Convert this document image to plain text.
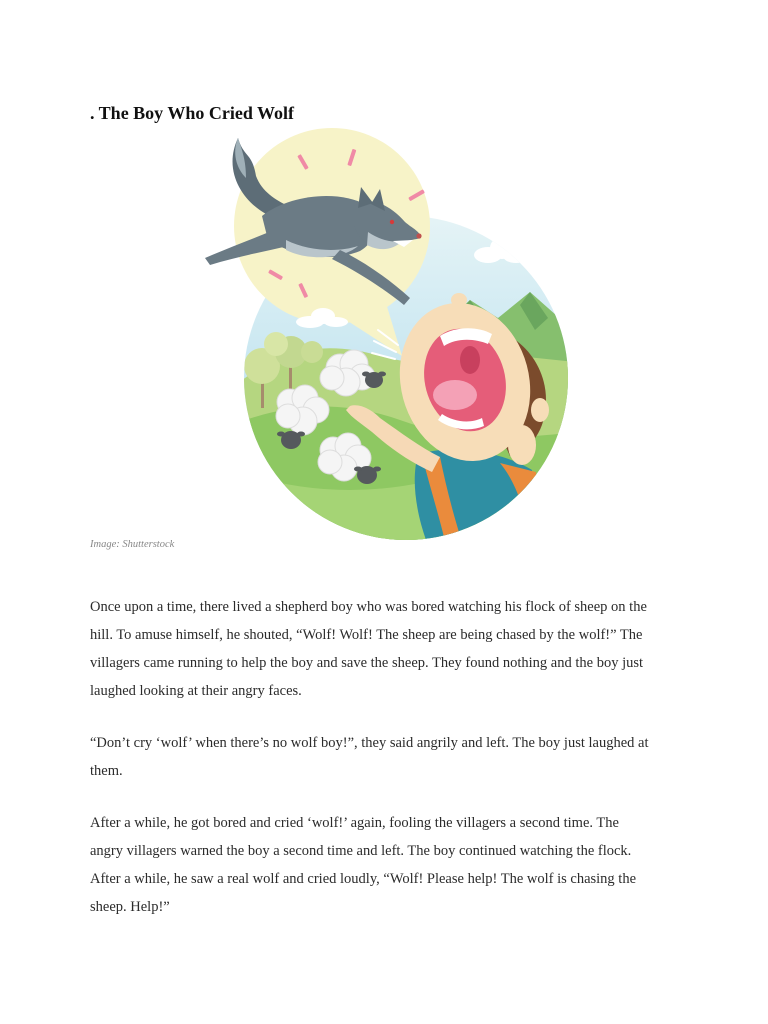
. The Boy Who Cried Wolf

Image: Shutterstock

Once upon a time, there lived a shepherd boy who was bored watching his flock of sheep on the
hill. To amuse himself, he shouted, “Wolf! Wolf! The sheep are being chased by the wolf!” The
villagers came running to help the boy and save the sheep. They found nothing and the boy just
laughed looking at their angry faces.

“Don’t cry ‘wolf’ when there’s no wolf boy!”, they said angrily and left. The boy just laughed at
them.

After a while, he got bored and cried ‘wolf!’ again, fooling the villagers a second time. The
angry villagers warned the boy a second time and left. The boy continued watching the flock.
After a while, he saw a real wolf and cried loudly, “Wolf! Please help! The wolf is chasing the
sheep. Help!”
